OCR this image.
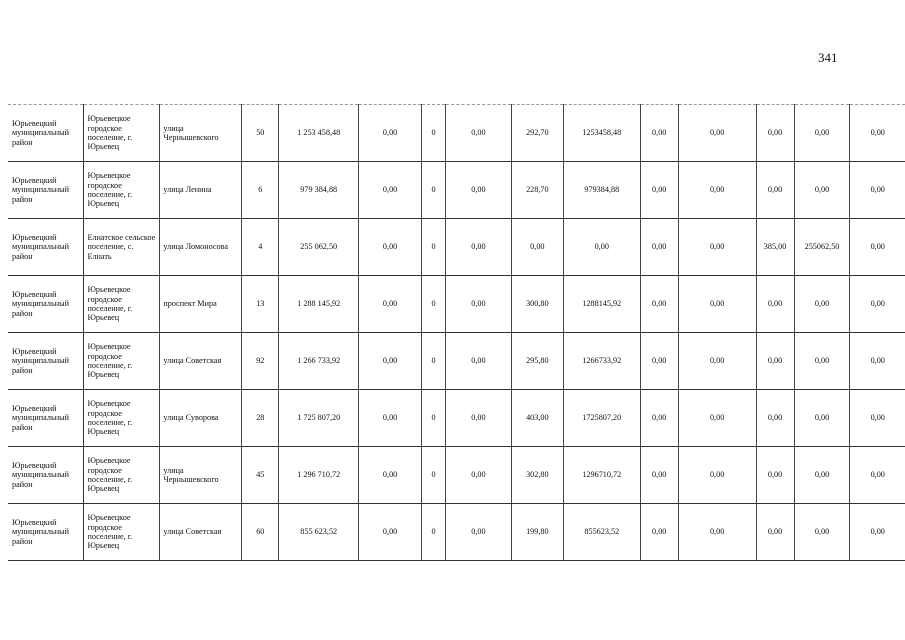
341
Юрьевецкий муниципальный район	Юрьевецкое городское поселение, г. Юрьевец	улица Чернышевского	50	1 253 458,48	0,00	0	0,00	292,70	1253458,48	0,00	0,00	0,00	0,00	0,00
Юрьевецкий муниципальный район	Юрьевецкое городское поселение, г. Юрьевец	улица Ленина	6	979 384,88	0,00	0	0,00	228,70	979384,88	0,00	0,00	0,00	0,00	0,00
Юрьевецкий муниципальный район	Елнатское сельское поселение, с. Елнать	улица Ломоносова	4	255 062,50	0,00	0	0,00	0,00	0,00	0,00	0,00	385,00	255062,50	0,00
Юрьевецкий муниципальный район	Юрьевецкое городское поселение, г. Юрьевец	проспект Мира	13	1 288 145,92	0,00	0	0,00	300,80	1288145,92	0,00	0,00	0,00	0,00	0,00
Юрьевецкий муниципальный район	Юрьевецкое городское поселение, г. Юрьевец	улица Советская	92	1 266 733,92	0,00	0	0,00	295,80	1266733,92	0,00	0,00	0,00	0,00	0,00
Юрьевецкий муниципальный район	Юрьевецкое городское поселение, г. Юрьевец	улица Суворова	28	1 725 807,20	0,00	0	0,00	403,00	1725807,20	0,00	0,00	0,00	0,00	0,00
Юрьевецкий муниципальный район	Юрьевецкое городское поселение, г. Юрьевец	улица Чернышевского	45	1 296 710,72	0,00	0	0,00	302,80	1296710,72	0,00	0,00	0,00	0,00	0,00
Юрьевецкий муниципальный район	Юрьевецкое городское поселение, г. Юрьевец	улица Советская	60	855 623,52	0,00	0	0,00	199,80	855623,52	0,00	0,00	0,00	0,00	0,00
